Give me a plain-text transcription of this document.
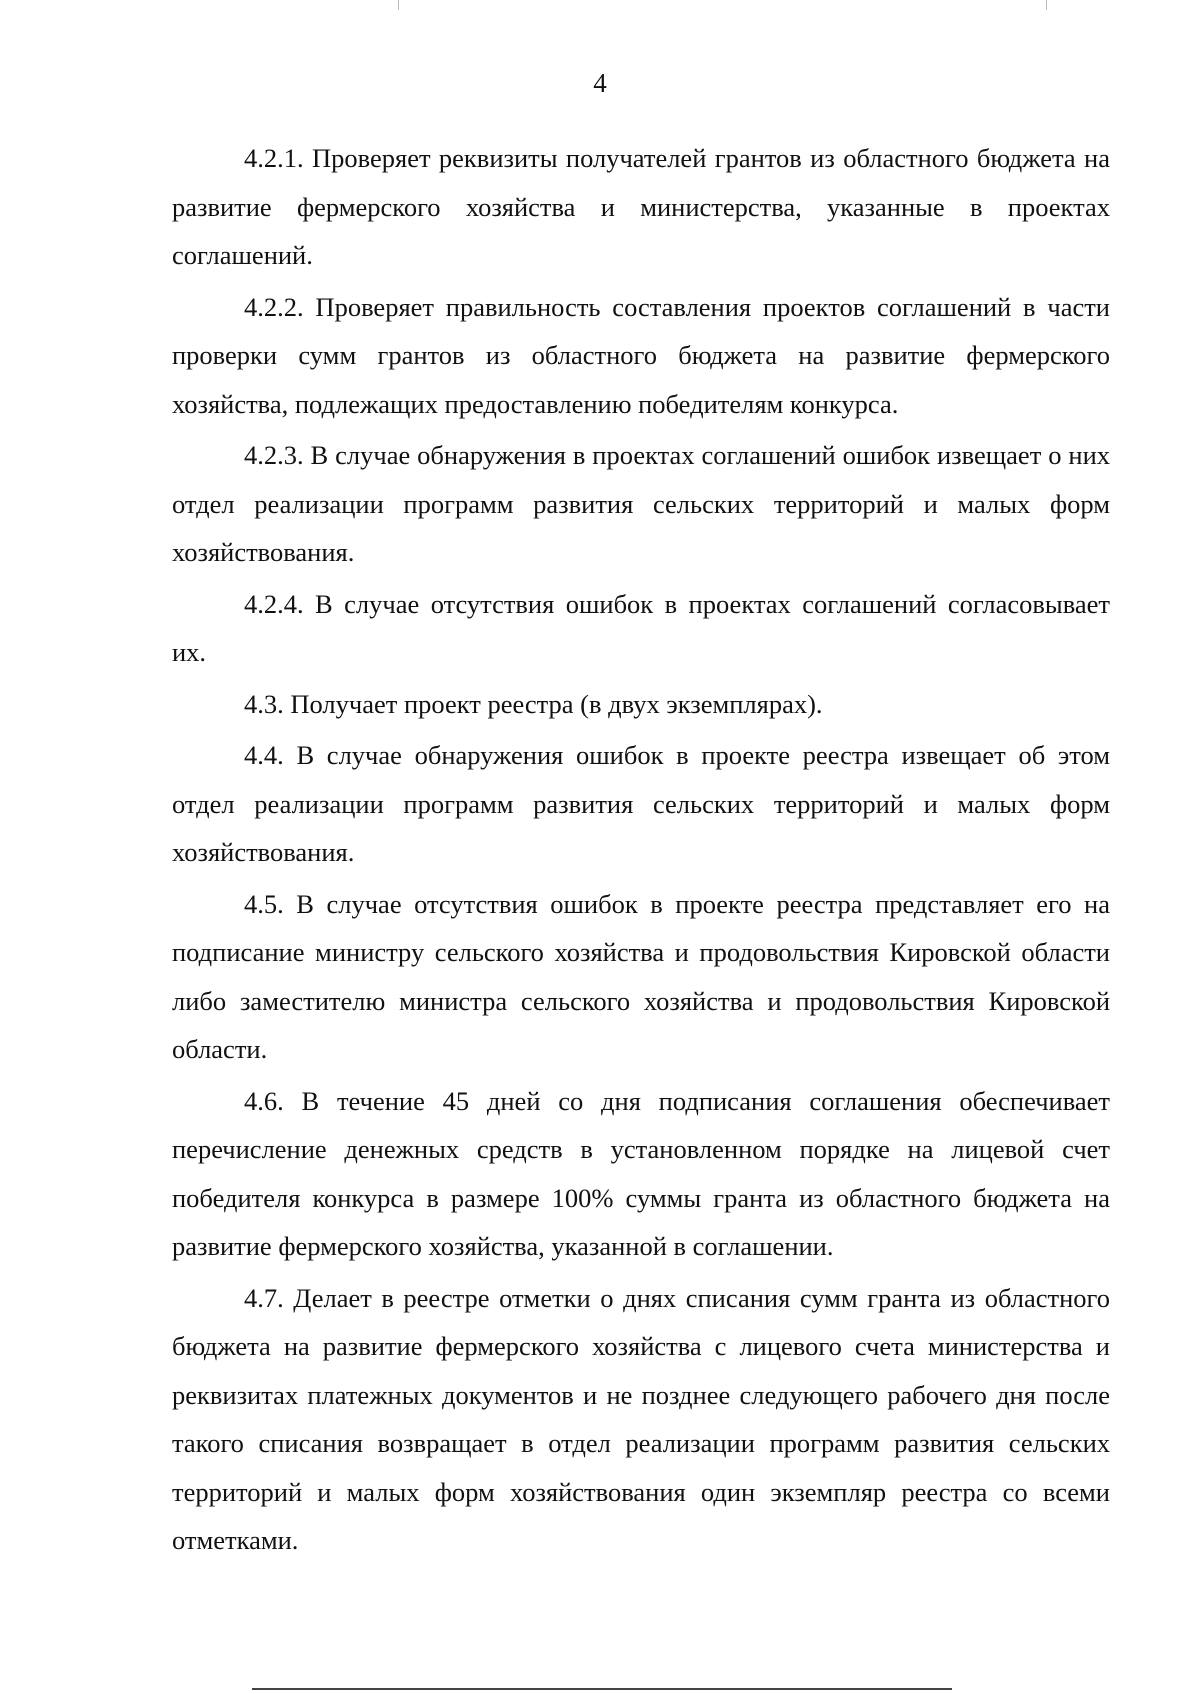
4

4.2.1. Проверяет реквизиты получателей грантов из областного бюджета на развитие фермерского хозяйства и министерства, указанные в проектах соглашений.

4.2.2. Проверяет правильность составления проектов соглашений в части проверки сумм грантов из областного бюджета на развитие фермерского хозяйства, подлежащих предоставлению победителям конкурса.

4.2.3. В случае обнаружения в проектах соглашений ошибок извещает о них отдел реализации программ развития сельских территорий и малых форм хозяйствования.

4.2.4. В случае отсутствия ошибок в проектах соглашений согласовывает их.

4.3. Получает проект реестра (в двух экземплярах).

4.4. В случае обнаружения ошибок в проекте реестра извещает об этом отдел реализации программ развития сельских территорий и малых форм хозяйствования.

4.5. В случае отсутствия ошибок в проекте реестра представляет его на подписание министру сельского хозяйства и продовольствия Кировской области либо заместителю министра сельского хозяйства и продовольствия Кировской области.

4.6. В течение 45 дней со дня подписания соглашения обеспечивает перечисление денежных средств в установленном порядке на лицевой счет победителя конкурса в размере 100% суммы гранта из областного бюджета на развитие фермерского хозяйства, указанной в соглашении.

4.7. Делает в реестре отметки о днях списания сумм гранта из областного бюджета на развитие фермерского хозяйства с лицевого счета министерства и реквизитах платежных документов и не позднее следующего рабочего дня после такого списания возвращает в отдел реализации программ развития сельских территорий и малых форм хозяйствования один экземпляр реестра со всеми отметками.
